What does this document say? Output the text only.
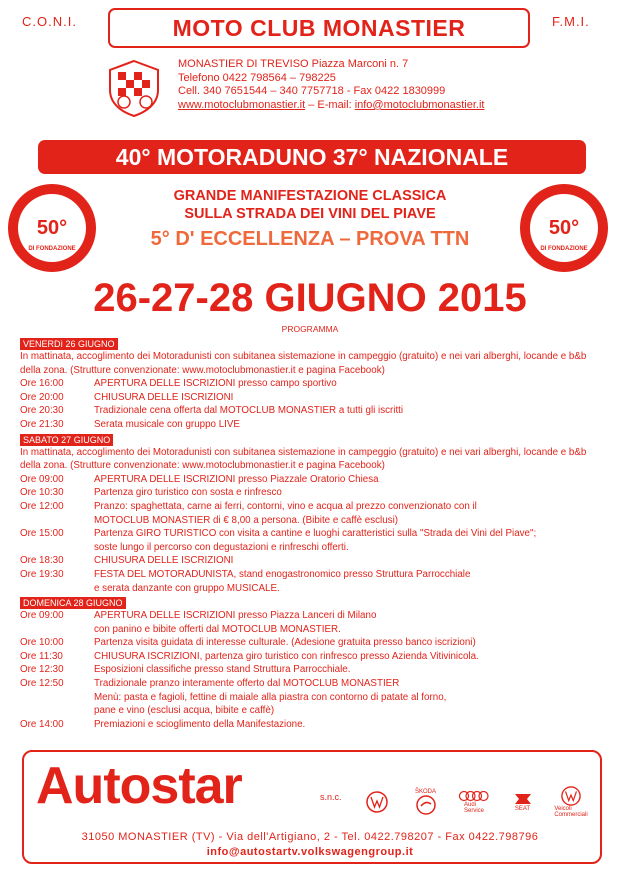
C.O.N.I.	F.M.I.
MOTO CLUB MONASTIER
MONASTIER DI TREVISO Piazza Marconi n. 7
Telefono 0422 798564 – 798225
Cell. 340 7651544 – 340 7757718 - Fax 0422 1830999
www.motoclubmonastier.it – E-mail: info@motoclubmonastier.it
40° MOTORADUNO 37° NAZIONALE
GRANDE MANIFESTAZIONE CLASSICA
SULLA STRADA DEI VINI DEL PIAVE
5° D' ECCELLENZA – PROVA TTN
50°
DI FONDAZIONE
50°
DI FONDAZIONE
26-27-28 GIUGNO 2015
PROGRAMMA
VENERDì 26 GIUGNO
In mattinata, accoglimento dei Motoradunisti con subitanea sistemazione in campeggio (gratuito) e nei vari alberghi, locande e b&b della zona. (Strutture convenzionate: www.motoclubmonastier.it e pagina Facebook)
Ore 16:00	APERTURA DELLE ISCRIZIONI presso campo sportivo
Ore 20:00	CHIUSURA DELLE ISCRIZIONI
Ore 20:30	Tradizionale cena offerta dal MOTOCLUB MONASTIER a tutti gli iscritti
Ore 21:30	Serata musicale con gruppo LIVE
SABATO 27 GIUGNO
In mattinata, accoglimento dei Motoradunisti con subitanea sistemazione in campeggio (gratuito) e nei vari alberghi, locande e b&b della zona. (Strutture convenzionate: www.motoclubmonastier.it e pagina Facebook)
Ore 09:00	APERTURA DELLE ISCRIZIONI presso Piazzale Oratorio Chiesa
Ore 10:30	Partenza giro turistico con sosta e rinfresco
Ore 12:00	Pranzo: spaghettata, carne ai ferri, contorni, vino e acqua al prezzo convenzionato con il
MOTOCLUB MONASTIER di € 8,00 a persona. (Bibite e caffè esclusi)
Ore 15:00	Partenza GIRO TURISTICO con visita a cantine e luoghi caratteristici sulla "Strada dei Vini del Piave";
soste lungo il percorso con degustazioni e rinfreschi offerti.
Ore 18:30	CHIUSURA DELLE ISCRIZIONI
Ore 19:30	FESTA DEL MOTORADUNISTA, stand enogastronomico presso Struttura Parrocchiale
e serata danzante con gruppo MUSICALE.
DOMENICA 28 GIUGNO
Ore 09:00	APERTURA DELLE ISCRIZIONI presso Piazza Lanceri di Milano
con panino e bibite offerti dal MOTOCLUB MONASTIER.
Ore 10:00	Partenza visita guidata di interesse culturale. (Adesione gratuita presso banco iscrizioni)
Ore 11:30	CHIUSURA ISCRIZIONI, partenza giro turistico con rinfresco presso Azienda Vitivinicola.
Ore 12:30	Esposizioni classifiche presso stand Struttura Parrocchiale.
Ore 12:50	Tradizionale pranzo interamente offerto dal MOTOCLUB MONASTIER
Menù: pasta e fagioli, fettine di maiale alla piastra con contorno di patate al forno,
pane e vino (esclusi acqua, bibite e caffè)
Ore 14:00	Premiazioni e scioglimento della Manifestazione.
Autostar	s.n.c.	ŠKODA
Audi
Service	SEAT	Veicoli
Commerciali
31050 MONASTIER (TV) - Via dell'Artigiano, 2 - Tel. 0422.798207 - Fax 0422.798796
info@autostartv.volkswagengroup.it
